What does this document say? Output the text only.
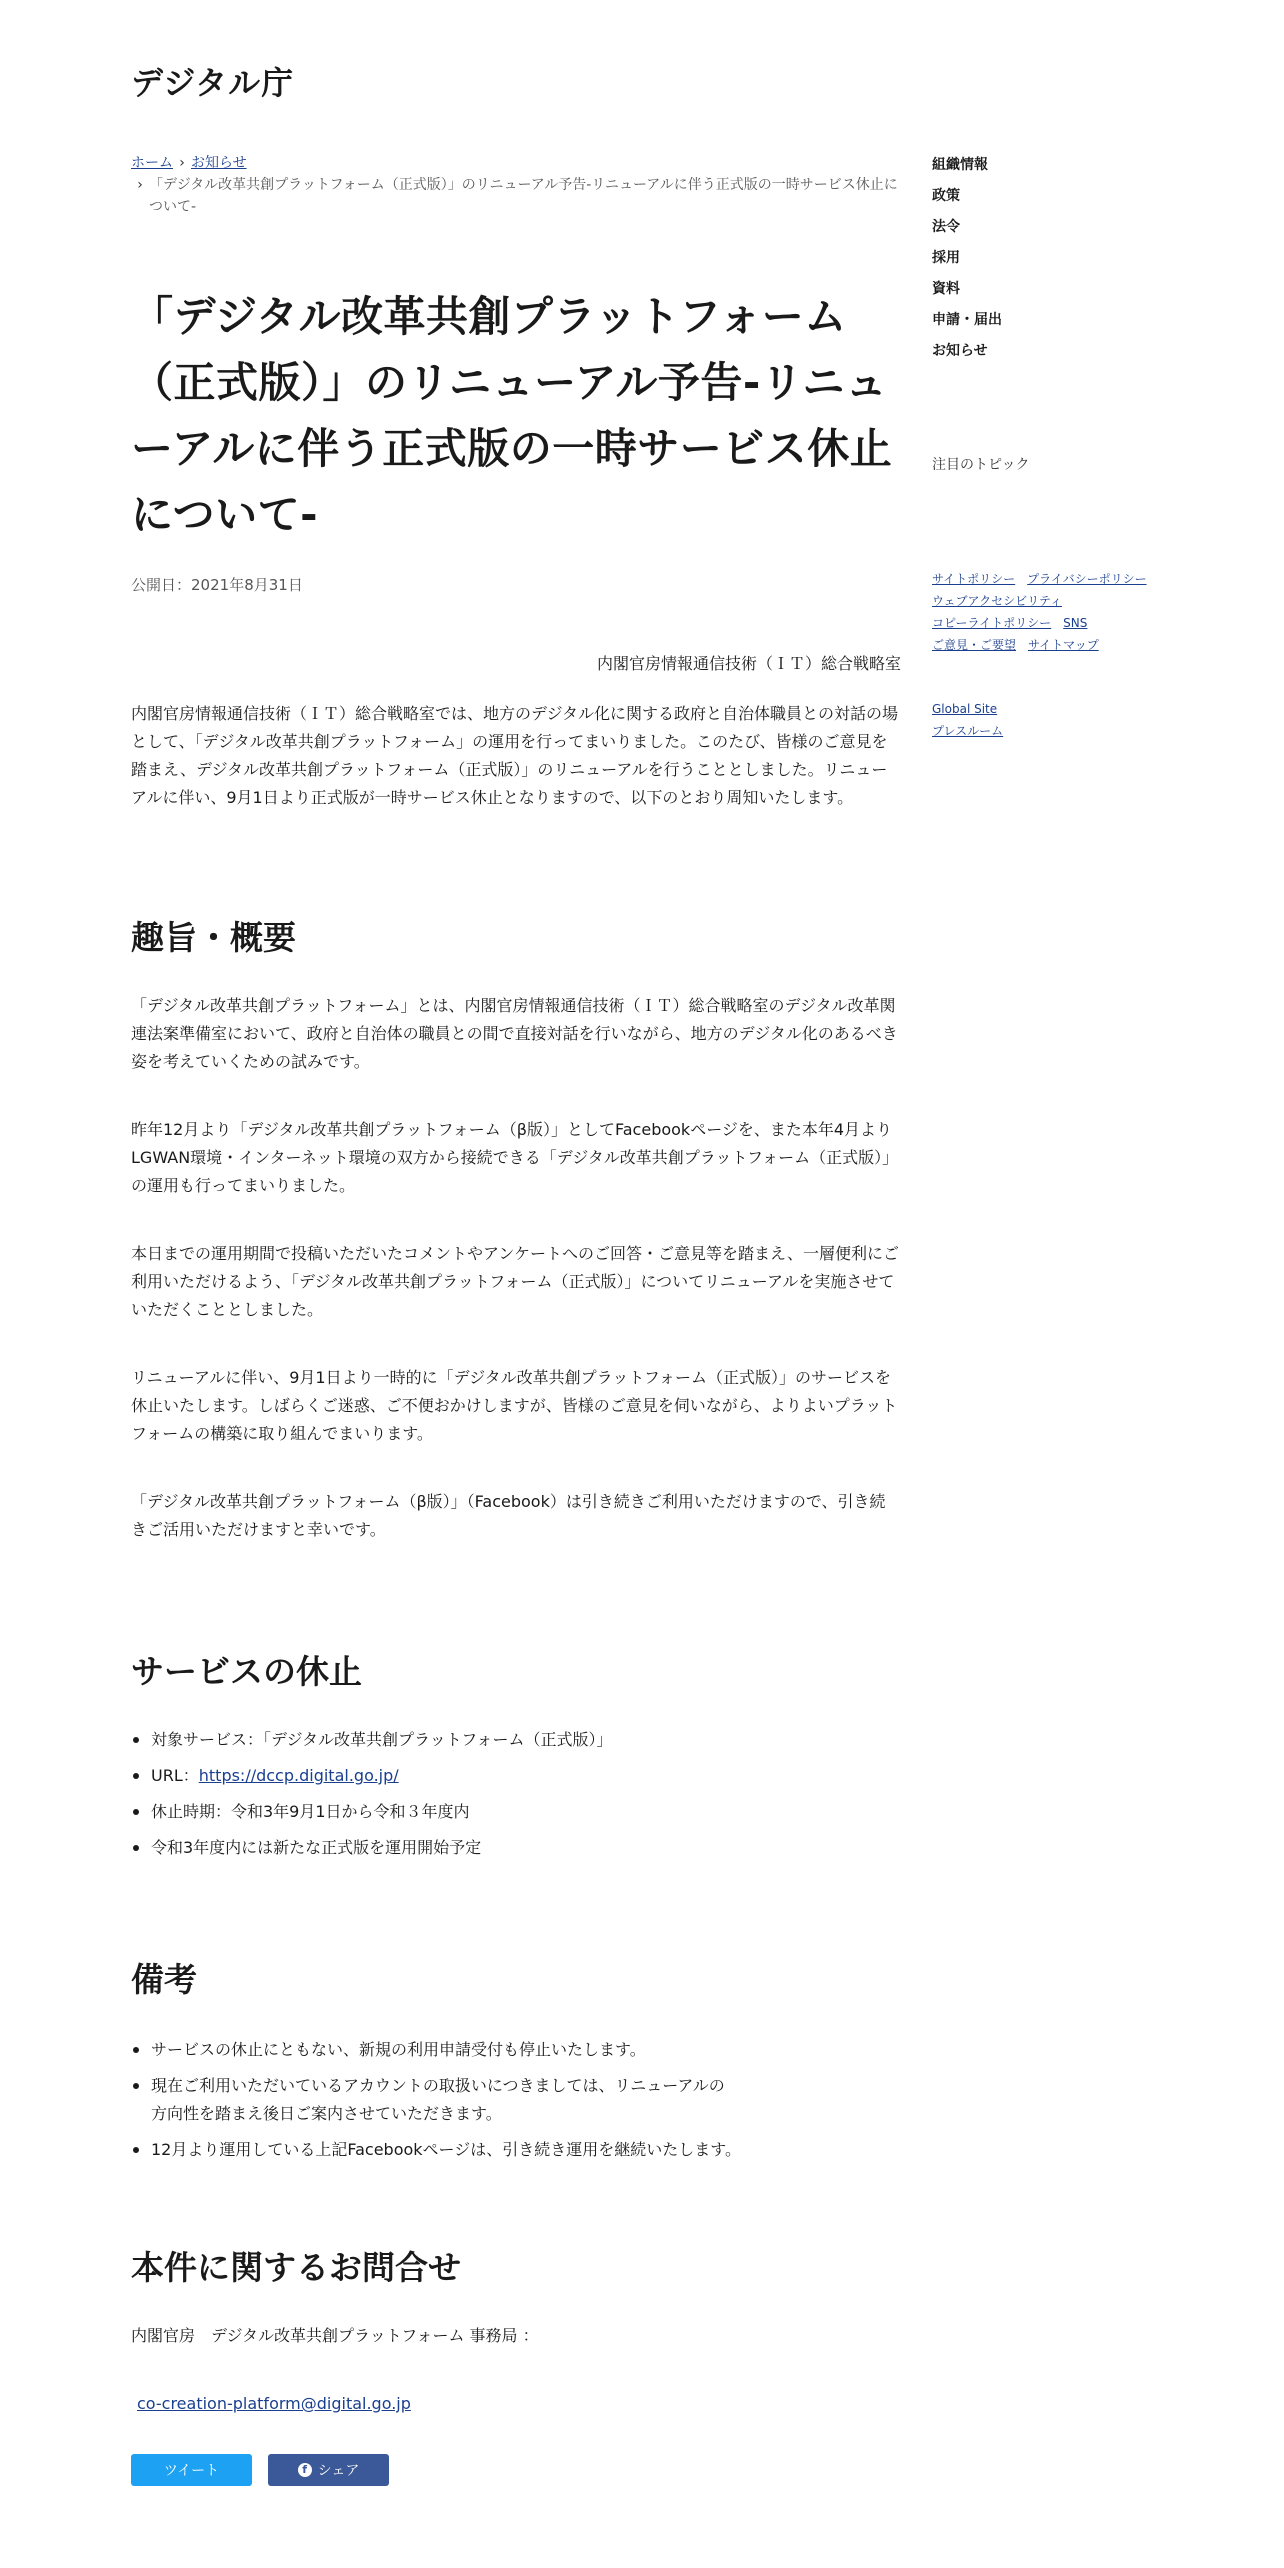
デジタル庁
ホーム › お知らせ
› 「デジタル改革共創プラットフォーム（正式版）」のリニューアル予告-リニューアルに伴う正式版の一時サービス休止について-
「デジタル改革共創プラットフォーム（正式版）」のリニューアル予告-リニューアルに伴う正式版の一時サービス休止について-
公開日：2021年8月31日
内閣官房情報通信技術（ＩＴ）総合戦略室

内閣官房情報通信技術（ＩＴ）総合戦略室では、地方のデジタル化に関する政府と自治体職員との対話の場として、「デジタル改革共創プラットフォーム」の運用を行ってまいりました。このたび、皆様のご意見を踏まえ、デジタル改革共創プラットフォーム（正式版）」のリニューアルを行うこととしました。リニューアルに伴い、9月1日より正式版が一時サービス休止となりますので、以下のとおり周知いたします。

趣旨・概要

「デジタル改革共創プラットフォーム」とは、内閣官房情報通信技術（ＩＴ）総合戦略室のデジタル改革関連法案準備室において、政府と自治体の職員との間で直接対話を行いながら、地方のデジタル化のあるべき姿を考えていくための試みです。

昨年12月より「デジタル改革共創プラットフォーム（β版）」としてFacebookページを、また本年4月よりLGWAN環境・インターネット環境の双方から接続できる「デジタル改革共創プラットフォーム（正式版）」の運用も行ってまいりました。

本日までの運用期間で投稿いただいたコメントやアンケートへのご回答・ご意見等を踏まえ、一層便利にご利用いただけるよう、「デジタル改革共創プラットフォーム（正式版）」についてリニューアルを実施させていただくこととしました。

リニューアルに伴い、9月1日より一時的に「デジタル改革共創プラットフォーム（正式版）」のサービスを休止いたします。しばらくご迷惑、ご不便おかけしますが、皆様のご意見を伺いながら、よりよいプラットフォームの構築に取り組んでまいります。

「デジタル改革共創プラットフォーム（β版）」（Facebook）は引き続きご利用いただけますので、引き続きご活用いただけますと幸いです。

サービスの休止
対象サービス：「デジタル改革共創プラットフォーム（正式版）」
URL：https://dccp.digital.go.jp/
休止時期：令和3年9月1日から令和３年度内
令和3年度内には新たな正式版を運用開始予定
備考
サービスの休止にともない、新規の利用申請受付も停止いたします。
現在ご利用いただいているアカウントの取扱いにつきましては、リニューアルの
方向性を踏まえ後日ご案内させていただきます。
12月より運用している上記Facebookページは、引き続き運用を継続いたします。
本件に関するお問合せ

内閣官房　デジタル改革共創プラットフォーム 事務局 ：

co-creation-platform@digital.go.jp

ツイート	f シェア
組織情報
政策
法令
採用
資料
申請・届出
お知らせ
注目のトピック
サイトポリシー プライバシーポリシー
ウェブアクセシビリティ
コピーライトポリシー SNS
ご意見・ご要望 サイトマップ
Global Site
プレスルーム
